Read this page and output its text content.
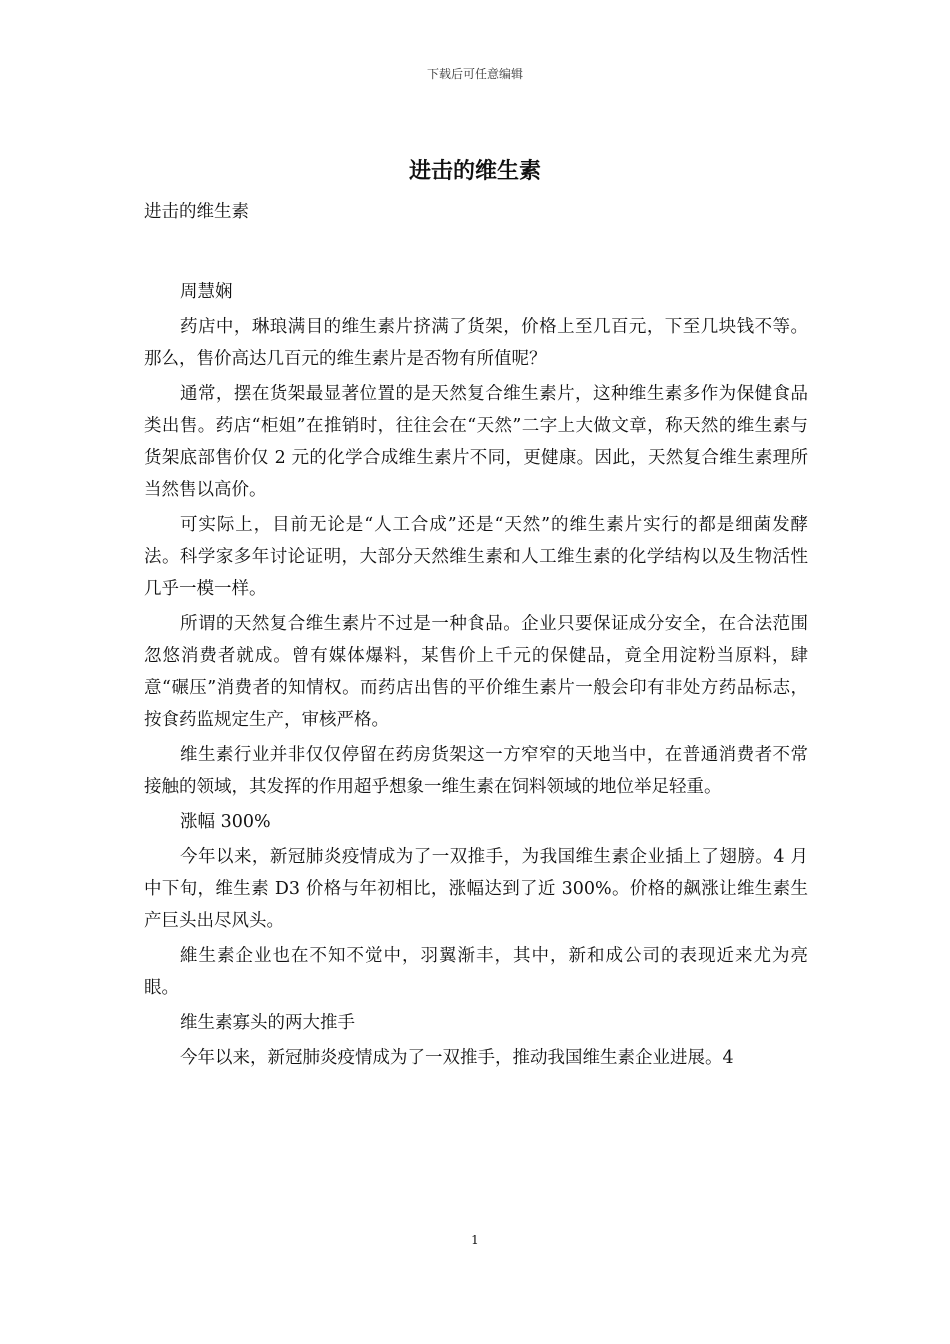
下载后可任意编辑
进击的维生素

进击的维生素

周慧娴

药店中，琳琅满目的维生素片挤满了货架，价格上至几百元，下至几块钱不等。那么，售价高达几百元的维生素片是否物有所值呢？

通常，摆在货架最显著位置的是天然复合维生素片，这种维生素多作为保健食品类出售。药店“柜姐”在推销时，往往会在“天然”二字上大做文章，称天然的维生素与货架底部售价仅 2 元的化学合成维生素片不同，更健康。因此，天然复合维生素理所当然售以高价。

可实际上，目前无论是“人工合成”还是“天然”的维生素片实行的都是细菌发酵法。科学家多年讨论证明，大部分天然维生素和人工维生素的化学结构以及生物活性几乎一模一样。

所谓的天然复合维生素片不过是一种食品。企业只要保证成分安全，在合法范围忽悠消费者就成。曾有媒体爆料，某售价上千元的保健品，竟全用淀粉当原料，肆意“碾压”消费者的知情权。而药店出售的平价维生素片一般会印有非处方药品标志，按食药监规定生产，审核严格。

维生素行业并非仅仅停留在药房货架这一方窄窄的天地当中，在普通消费者不常接触的领域，其发挥的作用超乎想象一维生素在饲料领域的地位举足轻重。

涨幅 300%

今年以来，新冠肺炎疫情成为了一双推手，为我国维生素企业插上了翅膀。4 月中下旬，维生素 D3 价格与年初相比，涨幅达到了近 300%。价格的飙涨让维生素生产巨头出尽风头。

維生素企业也在不知不觉中，羽翼渐丰，其中，新和成公司的表现近来尤为亮眼。

维生素寡头的两大推手

今年以来，新冠肺炎疫情成为了一双推手，推动我国维生素企业进展。4

1
